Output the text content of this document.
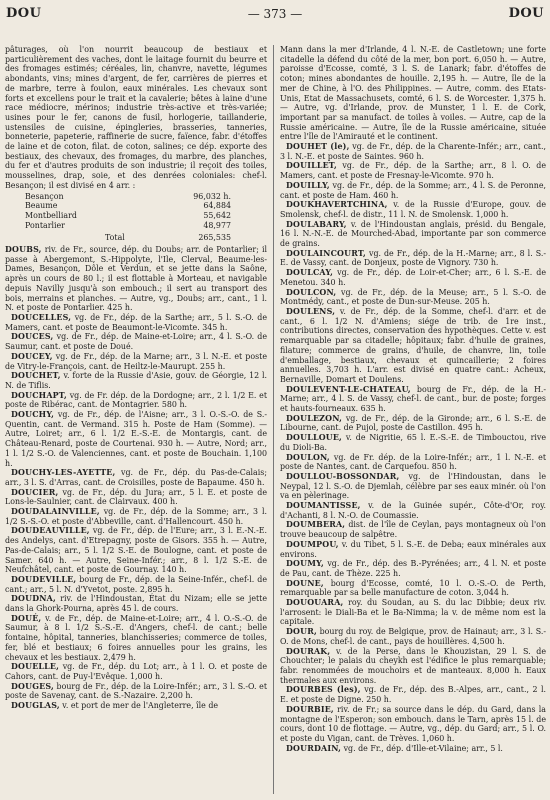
DOU	— 373 —	DOU

pâturages, où l'on nourrit beaucoup de bestiaux et particulièrement des vaches, dont le laitage fournit du beurre et des fromages estimés; céréales, lin, chanvre, navette, légumes abondants, vins; mines d'argent, de fer, carrières de pierres et de marbre, terre à foulon, eaux minérales. Les chevaux sont forts et excellens pour le trait et la cavalerie; bêtes à laine d'une race médiocre, mérinos; industrie très-active et très-variée; usines pour le fer, canons de fusil, horlogerie, taillanderie, ustensiles de cuisine, épingleries, brasseries, tanneries, bonneterie, papeterie, raffinerie de sucre, faïence, fabr. d'étoffes de laine et de coton, filat. de coton, salines; ce dép. exporte des bestiaux, des chevaux, des fromages, du marbre, des planches, du fer et d'autres produits de son industrie; il reçoit des toiles, mousselines, drap, soie, et des denrées coloniales: chef-l. Besançon; il est divisé en 4 arr. :

Besançon	96,032 h.
Beaume	64,884
Montbelliard	55,642
Pontarlier	48,977
Total	265,535

DOUBS, riv. de Fr., source, dép. du Doubs; arr. de Pontarlier; il passe à Abergemont, S.-Hippolyte, l'Ile, Clerval, Beaume-les-Dames, Besançon, Dôle et Verdun, et se jette dans la Saône, après un cours de 80 l.; il est flottable à Morteau, et navigable depuis Navilly jusqu'à son embouch.; il sert au transport des bois, merrains et planches. — Autre, vg., Doubs; arr., cant., 1 l. N. et poste de Pontarlier. 425 h.

DOUCELLES, vg. de Fr., dép. de la Sarthe; arr., 5 l. S.-O. de Mamers, cant. et poste de Beaumont-le-Vicomte. 345 h.

DOUCES, vg. de Fr., dép. de Maine-et-Loire; arr., 4 l. S.-O. de Saumur, cant. et poste de Doué.

DOUCEY, vg. de Fr., dép. de la Marne; arr., 3 l. N.-E. et poste de Vitry-le-François, cant. de Heiltz-le-Maurupt. 255 h.

DOUCHET, v. forte de la Russie d'Asie, gouv. de Géorgie, 12 l. N. de Tiflis.

DOUCHAPT, vg. de Fr. dép. de la Dordogne; arr., 2 l. 1/2 E. et poste de Ribérac, cant. de Montagrier. 580 h.

DOUCHY, vg. de Fr., dép. de l'Aisne; arr., 3 l. O.-S.-O. de S.-Quentin, cant. de Vermand. 315 h. Poste de Ham (Somme). — Autre, Loiret; arr., 6 l. 1/2 E.-S.-E. de Montargis, cant. de Château-Renard, poste de Courtenai. 930 h. — Autre, Nord; arr., 1 l. 1/2 S.-O. de Valenciennes, cant. et poste de Bouchain. 1,100 h.

DOUCHY-LES-AYETTE, vg. de Fr., dép. du Pas-de-Calais; arr., 3 l. S. d'Arras, cant. de Croisilles, poste de Bapaume. 450 h.

DOUCIER, vg. de Fr., dép. du Jura; arr., 5 l. E. et poste de Lons-le-Saulnier, cant. de Clairvaux. 400 h.

DOUDALAINVILLE, vg. de Fr., dép. de la Somme; arr., 3 l. 1/2 S.-S.-O. et poste d'Abbeville, cant. d'Hallencourt. 450 h.

DOUDEAUVILLE, vg. de Fr., dép. de l'Eure; arr., 3 l. E.-N.-E. des Andelys, cant. d'Etrepagny, poste de Gisors. 355 h. — Autre, Pas-de-Calais; arr., 5 l. 1/2 S.-E. de Boulogne, cant. et poste de Samer. 640 h. — Autre, Seine-Infér.; arr., 8 l. 1/2 S.-E. de Neufchâtel, cant. et poste de Gournay. 140 h.

DOUDEVILLE, bourg de Fr., dép. de la Seine-Infér., chef-l. de cant.; arr., 5 l. N. d'Yvetot, poste. 2,895 h.

DOUDNA, riv. de l'Hindoustan, État du Nizam; elle se jette dans la Ghork-Pourna, après 45 l. de cours.

DOUÉ, v. de Fr., dép. de Maine-et-Loire; arr., 4 l. O.-S.-O. de Saumur, à 8 l. 1/2 S.-S.-E. d'Angers, chef-l. de cant.; belle fontaine, hôpital, tanneries, blanchisseries; commerce de toiles, fer, blé et bestiaux; 6 foires annuelles pour les grains, les chevaux et les bestiaux. 2,479 h.

DOUELLE, vg. de Fr., dép. du Lot; arr., à 1 l. O. et poste de Cahors, cant. de Puy-l'Evêque. 1,000 h.

DOUGES, bourg de Fr., dép. de la Loire-Infér.; arr., 3 l. S.-O. et poste de Savenay, cant. de S.-Nazaire. 2,200 h.

DOUGLAS, v. et port de mer de l'Angleterre, île de

Mann dans la mer d'Irlande, 4 l. N.-E. de Castletown; une forte citadelle la défend du côté de la mer, bon port. 6,050 h. — Autre, paroisse d'Ecosse, comté, 3 l. S. de Lanark; fabr. d'étoffes de coton; mines abondantes de houille. 2,195 h. — Autre, île de la mer de Chine, à l'O. des Philippines. — Autre, comm. des Etats-Unis, Etat de Massachusets, comté, 6 l. S. de Worcester. 1,375 h. — Autre, vg. d'Irlande, prov. de Munster, 1 l. E. de Cork, important par sa manufact. de toiles à voiles. — Autre, cap de la Russie américaine. — Autre, île de la Russie américaine, située entre l'île de l'Amirauté et le continent.

DOUHET (le), vg. de Fr., dép. de la Charente-Infér.; arr., cant., 3 l. N.-E. et poste de Saintes. 960 h.

DOUILLET, vg. de Fr., dép. de la Sarthe; arr., 8 l. O. de Mamers, cant. et poste de Fresnay-le-Vicomte. 970 h.

DOUILLY, vg. de Fr., dép. de la Somme; arr., 4 l. S. de Peronne, cant. et poste de Ham. 460 h.

DOUKHAVERTCHINA, v. de la Russie d'Europe, gouv. de Smolensk, chef-l. de distr., 11 l. N. de Smolensk. 1,000 h.

DOULABARY, v. de l'Hindoustan anglais, présid. du Bengale, 16 l. N.-N.-E. de Mourched-Abad, importante par son commerce de grains.

DOULAINCOURT, vg. de Fr., dép. de la H.-Marne; arr., 8 l. S.-E. de Vassy, cant. de Donjeux, poste de Vignory. 730 h.

DOULCAY, vg. de Fr., dép. de Loir-et-Cher; arr., 6 l. S.-E. de Menetou. 340 h.

DOULCON, vg. de Fr., dép. de la Meuse; arr., 5 l. S.-O. de Montmédy, cant., et poste de Dun-sur-Meuse. 205 h.

DOULENS, v. de Fr., dép. de la Somme, chef-l. d'arr. et de cant., 6 l. 1/2 N. d'Amiens; siége de trib. de 1re inst., contributions directes, conservation des hypothèques. Cette v. est remarquable par sa citadelle; hôpitaux; fabr. d'huile de graines, filature; commerce de grains, d'huile, de chanvre, lin, toile d'emballage, bestiaux, chevaux et quincaillerie; 2 foires annuelles. 3,703 h. L'arr. est divisé en quatre cant.: Acheux, Bernaville, Domart et Doulens.

DOULEVENT-LE-CHATEAU, bourg de Fr., dép. de la H.-Marne; arr., 4 l. S. de Vassy, chef-l. de cant., bur. de poste; forges et hauts-fourneaux. 635 h.

DOULEZON, vg. de Fr., dép. de la Gironde; arr., 6 l. S.-E. de Libourne, cant. de Pujol, poste de Castillon. 495 h.

DOULLOUE, v. de Nigritie, 65 l. E.-S.-E. de Timbouctou, rive du Dioli-Ba.

DOULON, vg. de Fr. dép. de la Loire-Infér.; arr., 1 l. N.-E. et poste de Nantes, cant. de Carquefou. 850 h.

DOULLOU-BOSSONDAR, vg. de l'Hindoustan, dans le Neypal, 12 l. S.-O. de Djemlah, célèbre par ses eaux minér. où l'on va en pèlerinage.

DOUMANTISSE, v. de la Guinée supér., Côte-d'Or, roy. d'Achanti, 8 l. N.-O. de Coumassie.

DOUMBERA, dist. de l'île de Ceylan, pays montagneux où l'on trouve beaucoup de salpêtre.

DOUMPOU, v. du Tibet, 5 l. S.-E. de Deba; eaux minérales aux environs.

DOUMY, vg. de Fr., dép. des B.-Pyrénées; arr., 4 l. N. et poste de Pau, cant. de Thèze. 225 h.

DOUNE, bourg d'Ecosse, comté, 10 l. O.-S.-O. de Perth, remarquable par sa belle manufacture de coton. 3,044 h.

DOUOUARA, roy. du Soudan, au S. du lac Dibbie; deux riv. l'arrosent: le Diali-Ba et le Ba-Nimma; la v. de même nom est la capitale.

DOUR, bourg du roy. de Belgique, prov. de Hainaut; arr., 3 l. S.-O. de Mons, chef-l. de cant., pays de houillères. 4,500 h.

DOURAK, v. de la Perse, dans le Khouzistan, 29 l. S. de Chouchter; le palais du cheykh est l'édifice le plus remarquable; fabr. renommées de mouchoirs et de manteaux. 8,000 h. Eaux thermales aux environs.

DOURBES (les), vg. de Fr., dép. des B.-Alpes, arr., cant., 2 l. E. et poste de Digne. 250 h.

DOURBIE, riv. de Fr.; sa source dans le dép. du Gard, dans la montagne de l'Esperon; son embouch. dans le Tarn, après 15 l. de cours, dont 10 de flottage. — Autre, vg., dép. du Gard; arr., 5 l. O. et poste du Vigan, cant. de Trèves. 1,060 h.

DOURDAIN, vg. de Fr., dép. d'Ille-et-Vilaine; arr., 5 l.
